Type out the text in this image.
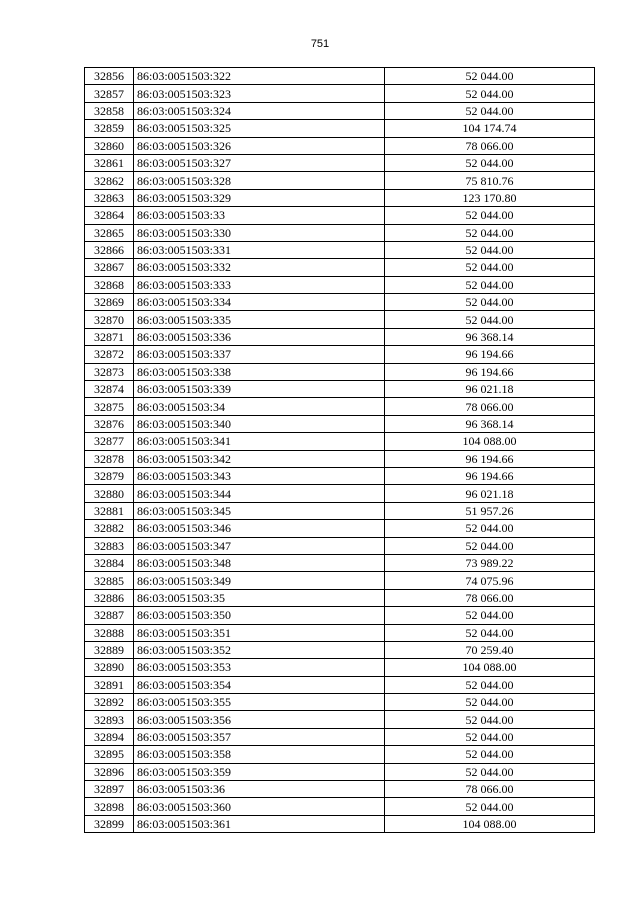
751
32856	86:03:0051503:322	52 044.00
32857	86:03:0051503:323	52 044.00
32858	86:03:0051503:324	52 044.00
32859	86:03:0051503:325	104 174.74
32860	86:03:0051503:326	78 066.00
32861	86:03:0051503:327	52 044.00
32862	86:03:0051503:328	75 810.76
32863	86:03:0051503:329	123 170.80
32864	86:03:0051503:33	52 044.00
32865	86:03:0051503:330	52 044.00
32866	86:03:0051503:331	52 044.00
32867	86:03:0051503:332	52 044.00
32868	86:03:0051503:333	52 044.00
32869	86:03:0051503:334	52 044.00
32870	86:03:0051503:335	52 044.00
32871	86:03:0051503:336	96 368.14
32872	86:03:0051503:337	96 194.66
32873	86:03:0051503:338	96 194.66
32874	86:03:0051503:339	96 021.18
32875	86:03:0051503:34	78 066.00
32876	86:03:0051503:340	96 368.14
32877	86:03:0051503:341	104 088.00
32878	86:03:0051503:342	96 194.66
32879	86:03:0051503:343	96 194.66
32880	86:03:0051503:344	96 021.18
32881	86:03:0051503:345	51 957.26
32882	86:03:0051503:346	52 044.00
32883	86:03:0051503:347	52 044.00
32884	86:03:0051503:348	73 989.22
32885	86:03:0051503:349	74 075.96
32886	86:03:0051503:35	78 066.00
32887	86:03:0051503:350	52 044.00
32888	86:03:0051503:351	52 044.00
32889	86:03:0051503:352	70 259.40
32890	86:03:0051503:353	104 088.00
32891	86:03:0051503:354	52 044.00
32892	86:03:0051503:355	52 044.00
32893	86:03:0051503:356	52 044.00
32894	86:03:0051503:357	52 044.00
32895	86:03:0051503:358	52 044.00
32896	86:03:0051503:359	52 044.00
32897	86:03:0051503:36	78 066.00
32898	86:03:0051503:360	52 044.00
32899	86:03:0051503:361	104 088.00
